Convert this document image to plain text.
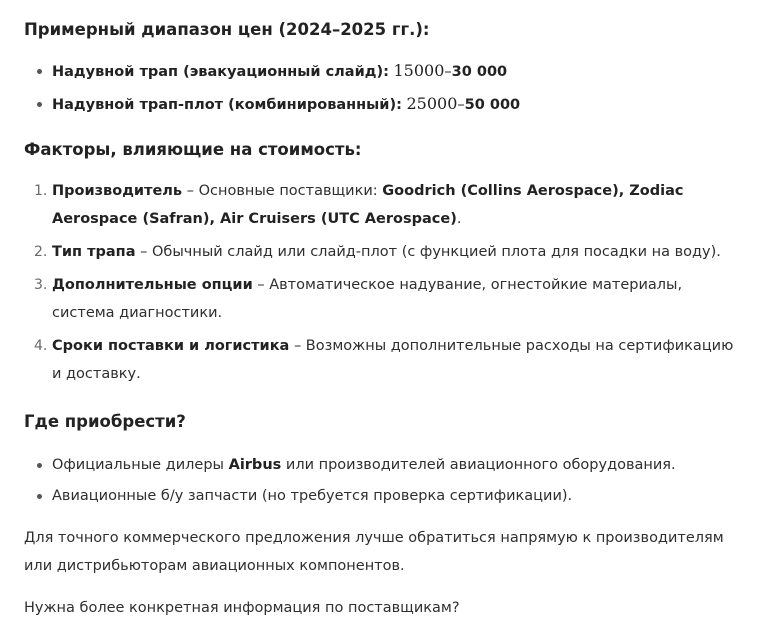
Примерный диапазон цен (2024–2025 гг.):
Надувной трап (эвакуационный слайд): 15000–30 000
Надувной трап-плот (комбинированный): 25000–50 000
Факторы, влияющие на стоимость:
1. Производитель – Основные поставщики: Goodrich (Collins Aerospace), Zodiac Aerospace (Safran), Air Cruisers (UTC Aerospace).
2. Тип трапа – Обычный слайд или слайд-плот (с функцией плота для посадки на воду).
3. Дополнительные опции – Автоматическое надувание, огнестойкие материалы, система диагностики.
4. Сроки поставки и логистика – Возможны дополнительные расходы на сертификацию и доставку.
Где приобрести?
Официальные дилеры Airbus или производителей авиационного оборудования.
Авиационные б/у запчасти (но требуется проверка сертификации).

Для точного коммерческого предложения лучше обратиться напрямую к производителям или дистрибьюторам авиационных компонентов.

Нужна более конкретная информация по поставщикам?
